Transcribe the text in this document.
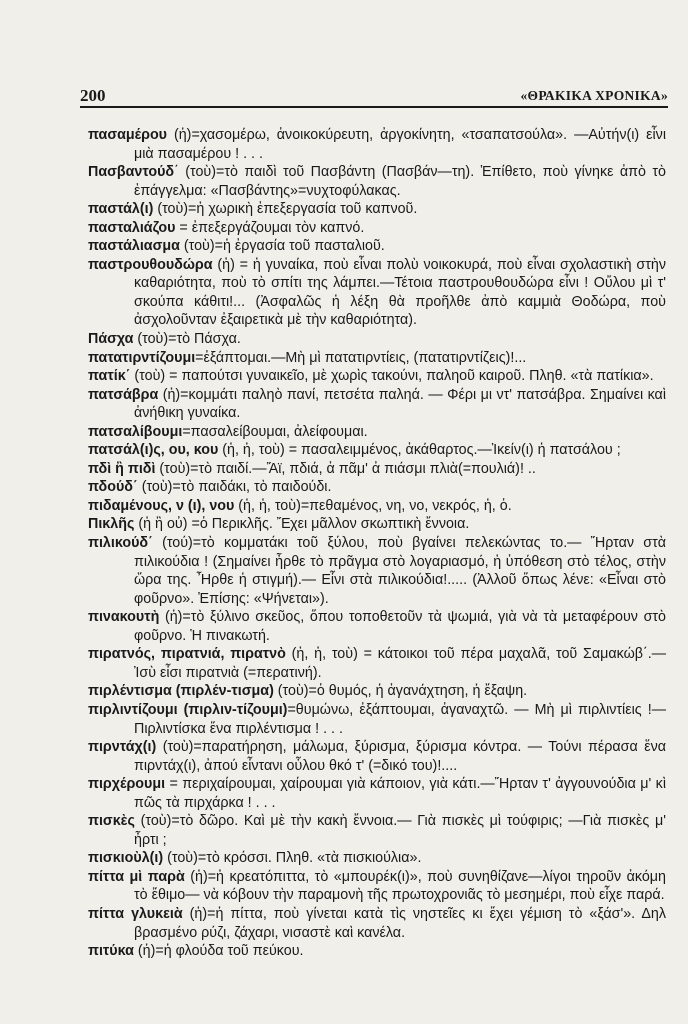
200	«ΘΡΑΚΙΚΑ ΧΡΟΝΙΚΑ»

πασαμέρου (ἡ)=χασομέρω, ἀνοικοκύρευτη, ἀργοκίνητη, «τσαπατσούλα». —Αὐτήν(ι) εἶνι μιὰ πασαμέρου ! . . .

Πασβαντούδ΄ (τοὺ)=τὸ παιδὶ τοῦ Πασβάντη (Πασβάν—τη). Ἐπίθετο, ποὺ γίνηκε ἀπὸ τὸ ἐπάγγελμα: «Πασβάντης»=νυχτοφύλακας.

παστάλ(ι) (τοὺ)=ἡ χωρικὴ ἐπεξεργασία τοῦ καπνοῦ.

πασταλιάζου = ἐπεξεργάζουμαι τὸν καπνό.

παστάλιασμα (τοὺ)=ἡ ἐργασία τοῦ πασταλιοῦ.

παστρουθουδώρα (ἡ) = ἡ γυναίκα, ποὺ εἶναι πολὺ νοικοκυρά, ποὺ εἶναι σχολαστικὴ στὴν καθαριότητα, ποὺ τὸ σπίτι της λάμπει.—Τέτοια παστρουθουδώρα εἶνι ! Οὔλου μὶ τ' σκούπα κάθιτι!... (Ἀσφαλῶς ἡ λέξη θὰ προῆλθε ἀπὸ καμμιὰ Θοδώρα, ποὺ ἀσχολοῦνταν ἐξαιρετικὰ μὲ τὴν καθαριότητα).

Πάσχα (τοὺ)=τὸ Πάσχα.

πατατιρντίζουμι=ἐξάπτομαι.—Μὴ μὶ πατατιρντίεις, (πατατιρντίζεις)!...

πατίκ΄ (τοὺ) = παπούτσι γυναικεῖο, μὲ χωρὶς τακούνι, παληοῦ καιροῦ. Πληθ. «τὰ πατίκια».

πατσάβρα (ἡ)=κομμάτι παληὸ πανί, πετσέτα παληά. — Φέρι μι ντ' πατσάβρα. Σημαίνει καὶ ἀνήθικη γυναίκα.

πατσαλίβουμι=πασαλείβουμαι, ἀλείφουμαι.

πατσάλ(ι)ς, ου, κου (ἡ, ἡ, τοὺ) = πασαλειμμένος, ἀκάθαρτος.—Ἰκείν(ι) ἡ πατσάλου ;

πδὶ ἢ πιδὶ (τοὺ)=τὸ παιδί.—Ἄϊ, πδιά, ἀ πᾶμ' ἀ πιάσμι πλιὰ(=πουλιά)! ..

πδούδ΄ (τοὺ)=τὸ παιδάκι, τὸ παιδούδι.

πιδαμένους, ν (ι), νου (ἡ, ἡ, τοὺ)=πεθαμένος, νη, νο, νεκρός, ἡ, ὁ.

Πικλῆς (ἡ ἢ οὐ) =ὁ Περικλῆς. Ἔχει μᾶλλον σκωπτικὴ ἔννοια.

πιλικούδ΄ (τού)=τὸ κομματάκι τοῦ ξύλου, ποὺ βγαίνει πελεκώντας το.— Ἤρταν στὰ πιλικούδια ! (Σημαίνει ἦρθε τὸ πρᾶγμα στὸ λογαριασμό, ἡ ὑπόθεση στὸ τέλος, στὴν ὥρα της. Ἦρθε ἡ στιγμή).— Εἶνι στὰ πιλικούδια!..... (Ἀλλοῦ ὅπως λένε: «Εἶναι στὸ φοῦρνο». Ἐπίσης: «Ψήνεται»).

πινακουτὴ (ἡ)=τὸ ξύλινο σκεῦος, ὅπου τοποθετοῦν τὰ ψωμιά, γιὰ νὰ τὰ μεταφέρουν στὸ φοῦρνο. Ἡ πινακωτή.

πιρατνός, πιρατνιά, πιρατνὸ (ἡ, ἡ, τοὺ) = κάτοικοι τοῦ πέρα μαχαλᾶ, τοῦ Σαμακώβ΄.—Ἰσὺ εἶσι πιρατνιὰ (=περατινή).

πιρλέντισμα (πιρλέν-τισμα) (τοὺ)=ὁ θυμός, ἡ ἀγανάχτηση, ἡ ἔξαψη.

πιρλιντίζουμι (πιρλιν-τίζουμι)=θυμώνω, ἐξάπτουμαι, ἀγαναχτῶ. — Μὴ μὶ πιρλιντίεις !— Πιρλιντίσκα ἕνα πιρλέντισμα ! . . .

πιρντάχ(ι) (τοὺ)=παρατήρηση, μάλωμα, ξύρισμα, ξύρισμα κόντρα. — Τούνι πέρασα ἕνα πιρντάχ(ι), ἀπού εἶντανι οὗλου θκό τ' (=δικό του)!....

πιρχέρουμι = περιχαίρουμαι, χαίρουμαι γιὰ κάποιον, γιὰ κάτι.—Ἤρταν τ' ἀγγουνούδια μ' κὶ πῶς τὰ πιρχάρκα ! . . .

πισκὲς (τοὺ)=τὸ δῶρο. Καὶ μὲ τὴν κακὴ ἔννοια.— Γιὰ πισκὲς μὶ τούφιρις; —Γιὰ πισκὲς μ' ἦρτι ;

πισκιοὺλ(ι) (τοὺ)=τὸ κρόσσι. Πληθ. «τὰ πισκιούλια».

πίττα μὶ παρὰ (ἡ)=ἡ κρεατόπιττα, τὸ «μπουρέκ(ι)», ποὺ συνηθίζανε—λίγοι τηροῦν ἀκόμη τὸ ἔθιμο— νὰ κόβουν τὴν παραμονὴ τῆς πρωτοχρονιᾶς τὸ μεσημέρι, ποὺ εἶχε παρά.

πίττα γλυκειὰ (ἡ)=ἡ πίττα, ποὺ γίνεται κατὰ τὶς νηστεῖες κι ἔχει γέμιση τὸ «ξάσ'». Δηλ βρασμένο ρύζι, ζάχαρι, νισαστὲ καὶ κανέλα.

πιτύκα (ἡ)=ἡ φλούδα τοῦ πεύκου.
